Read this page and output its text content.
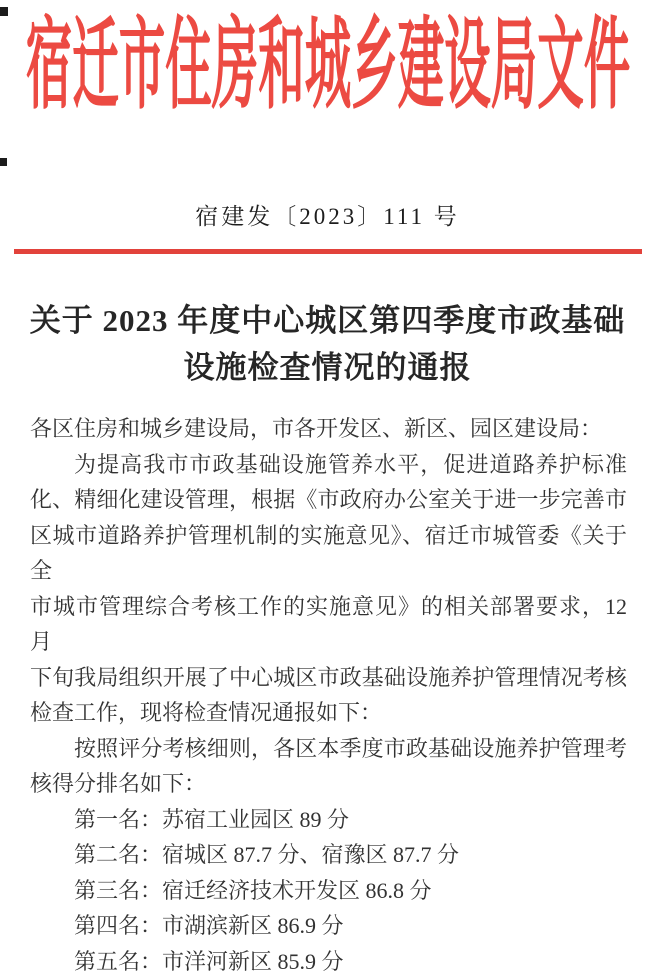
宿迁市住房和城乡建设局文件
宿建发〔2023〕111 号
关于 2023 年度中心城区第四季度市政基础
设施检查情况的通报
各区住房和城乡建设局，市各开发区、新区、园区建设局：
为提高我市市政基础设施管养水平，促进道路养护标准
化、精细化建设管理，根据《市政府办公室关于进一步完善市
区城市道路养护管理机制的实施意见》、宿迁市城管委《关于全
市城市管理综合考核工作的实施意见》的相关部署要求，12 月
下旬我局组织开展了中心城区市政基础设施养护管理情况考核
检查工作，现将检查情况通报如下：
按照评分考核细则，各区本季度市政基础设施养护管理考
核得分排名如下：
第一名：苏宿工业园区 89 分
第二名：宿城区 87.7 分、宿豫区 87.7 分
第三名：宿迁经济技术开发区 86.8 分
第四名：市湖滨新区 86.9 分
第五名：市洋河新区 85.9 分
